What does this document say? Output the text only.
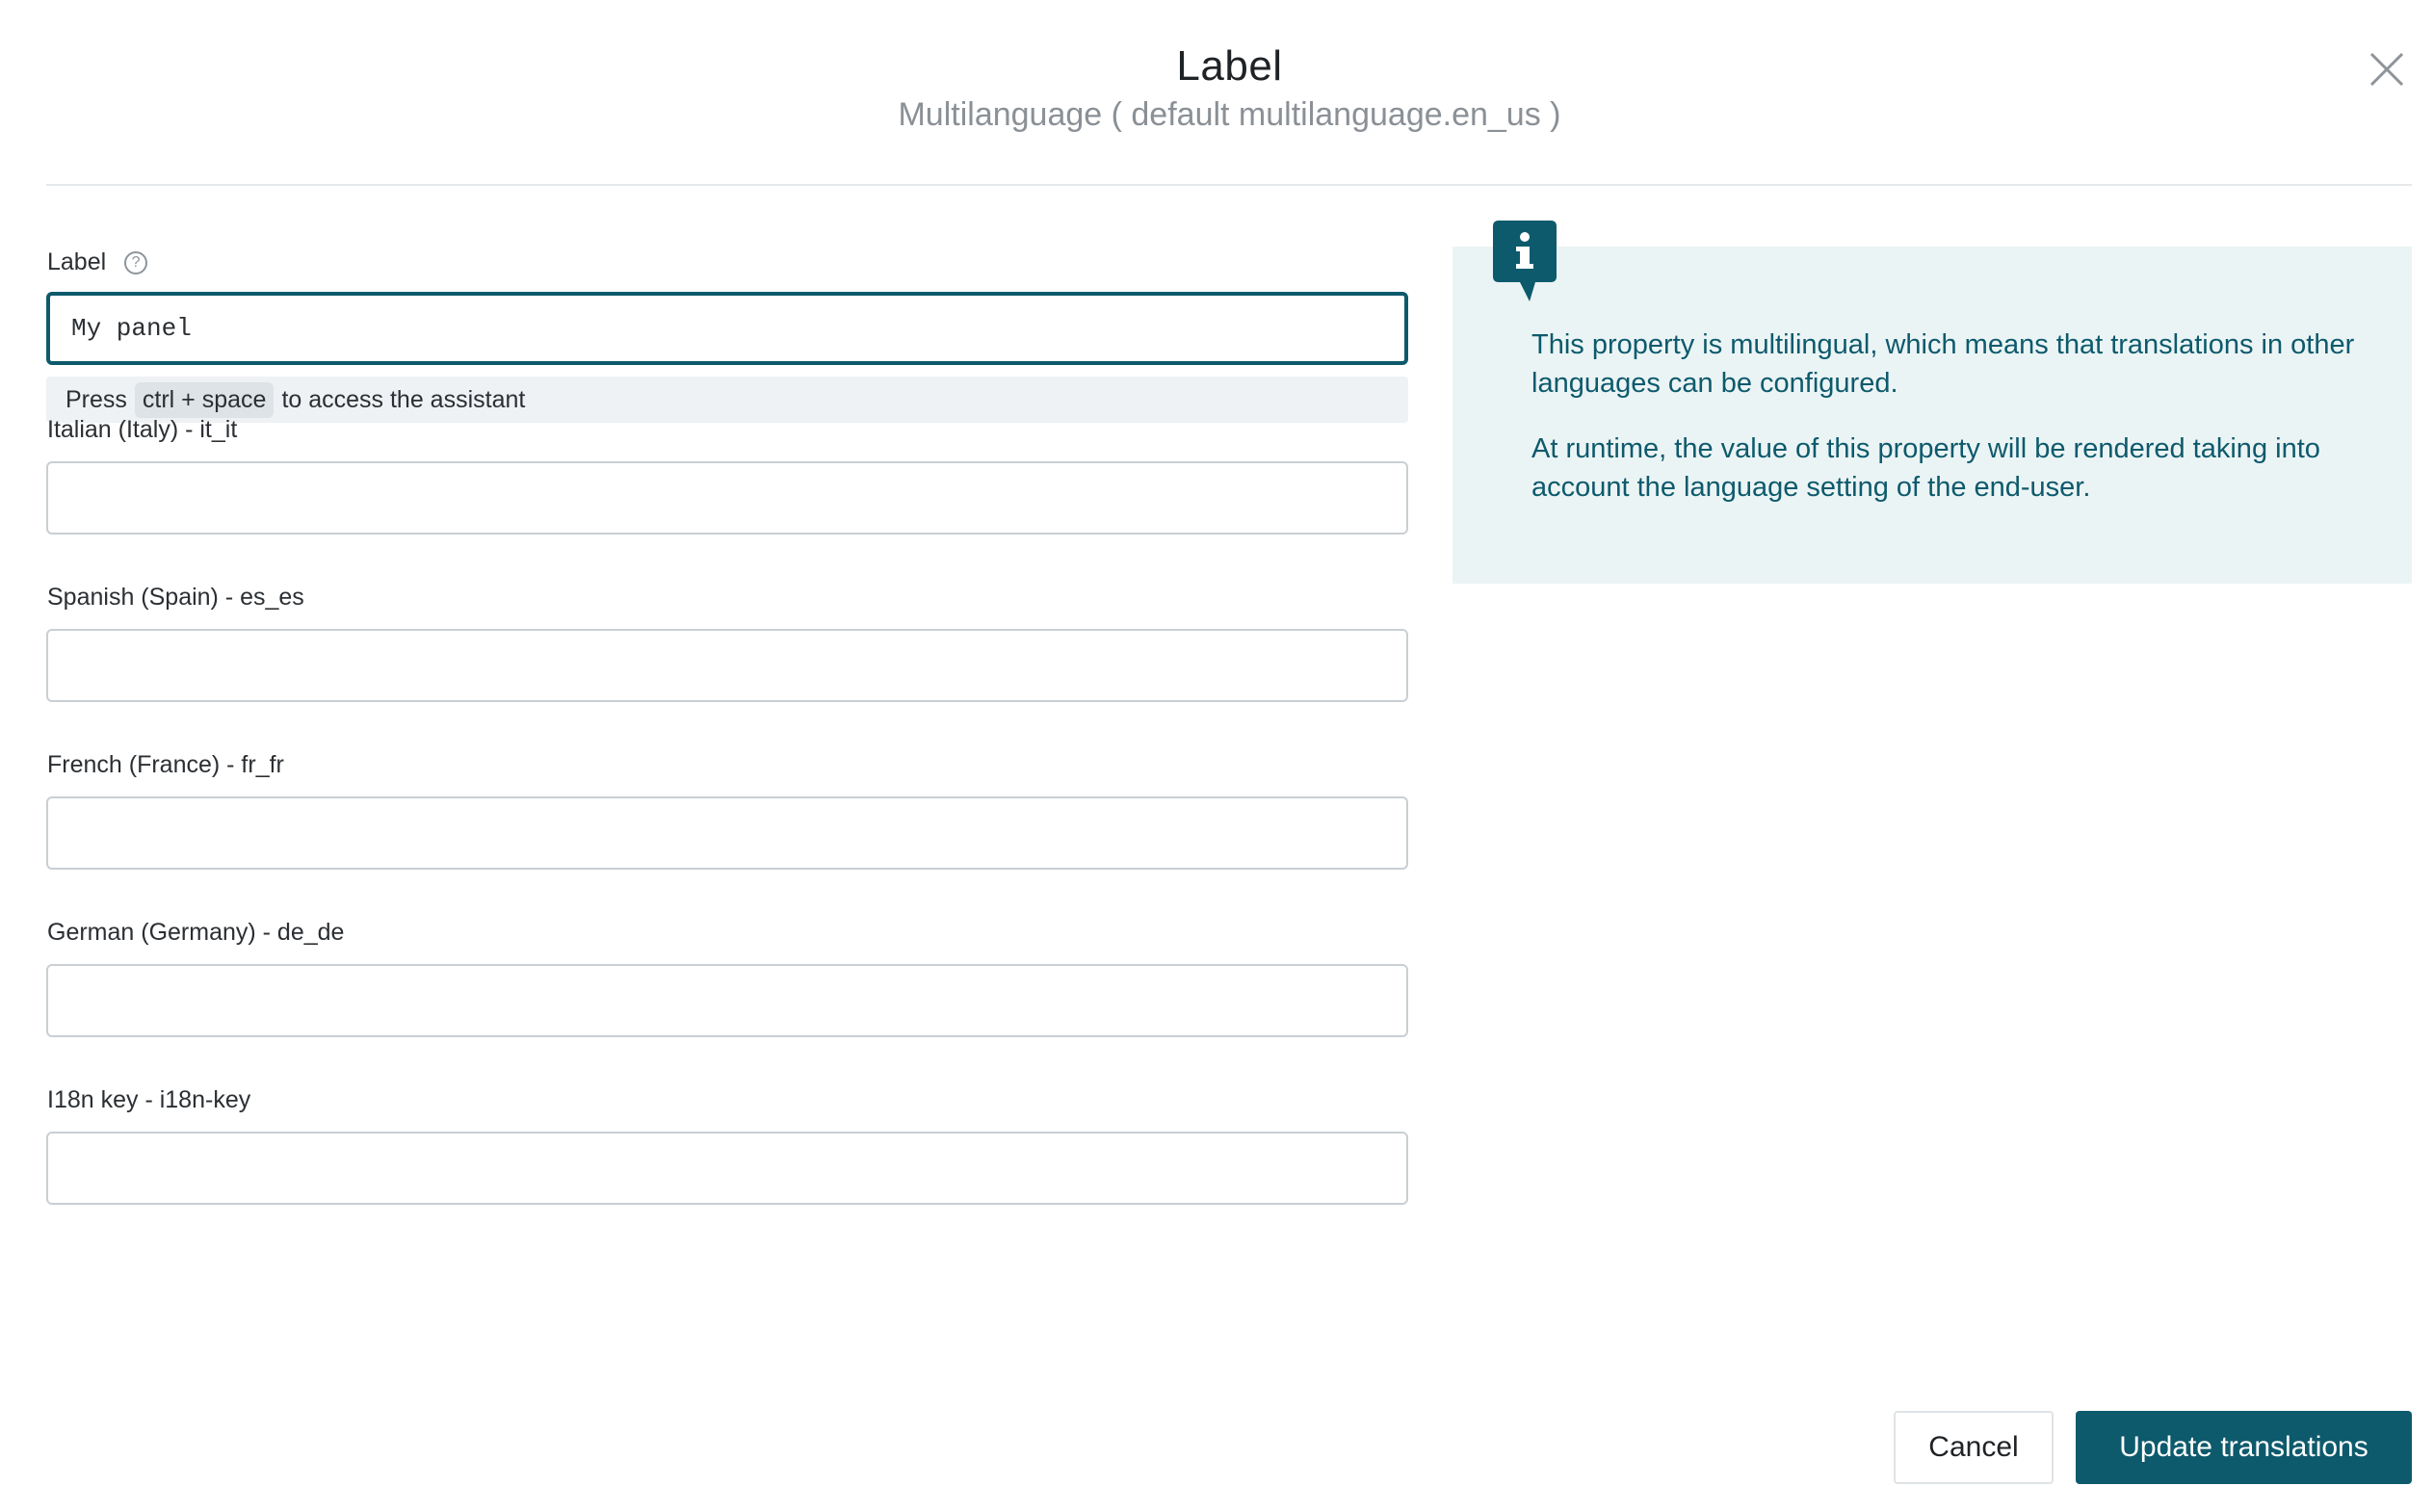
Label
Multilanguage ( default multilanguage.en_us )
Label ?
My panel
Press ctrl + space to access the assistant
Italian (Italy) - it_it
Spanish (Spain) - es_es
French (France) - fr_fr
German (Germany) - de_de
I18n key - i18n-key
This property is multilingual, which means that translations in other languages can be configured.
At runtime, the value of this property will be rendered taking into account the language setting of the end-user.
Cancel	Update translations
